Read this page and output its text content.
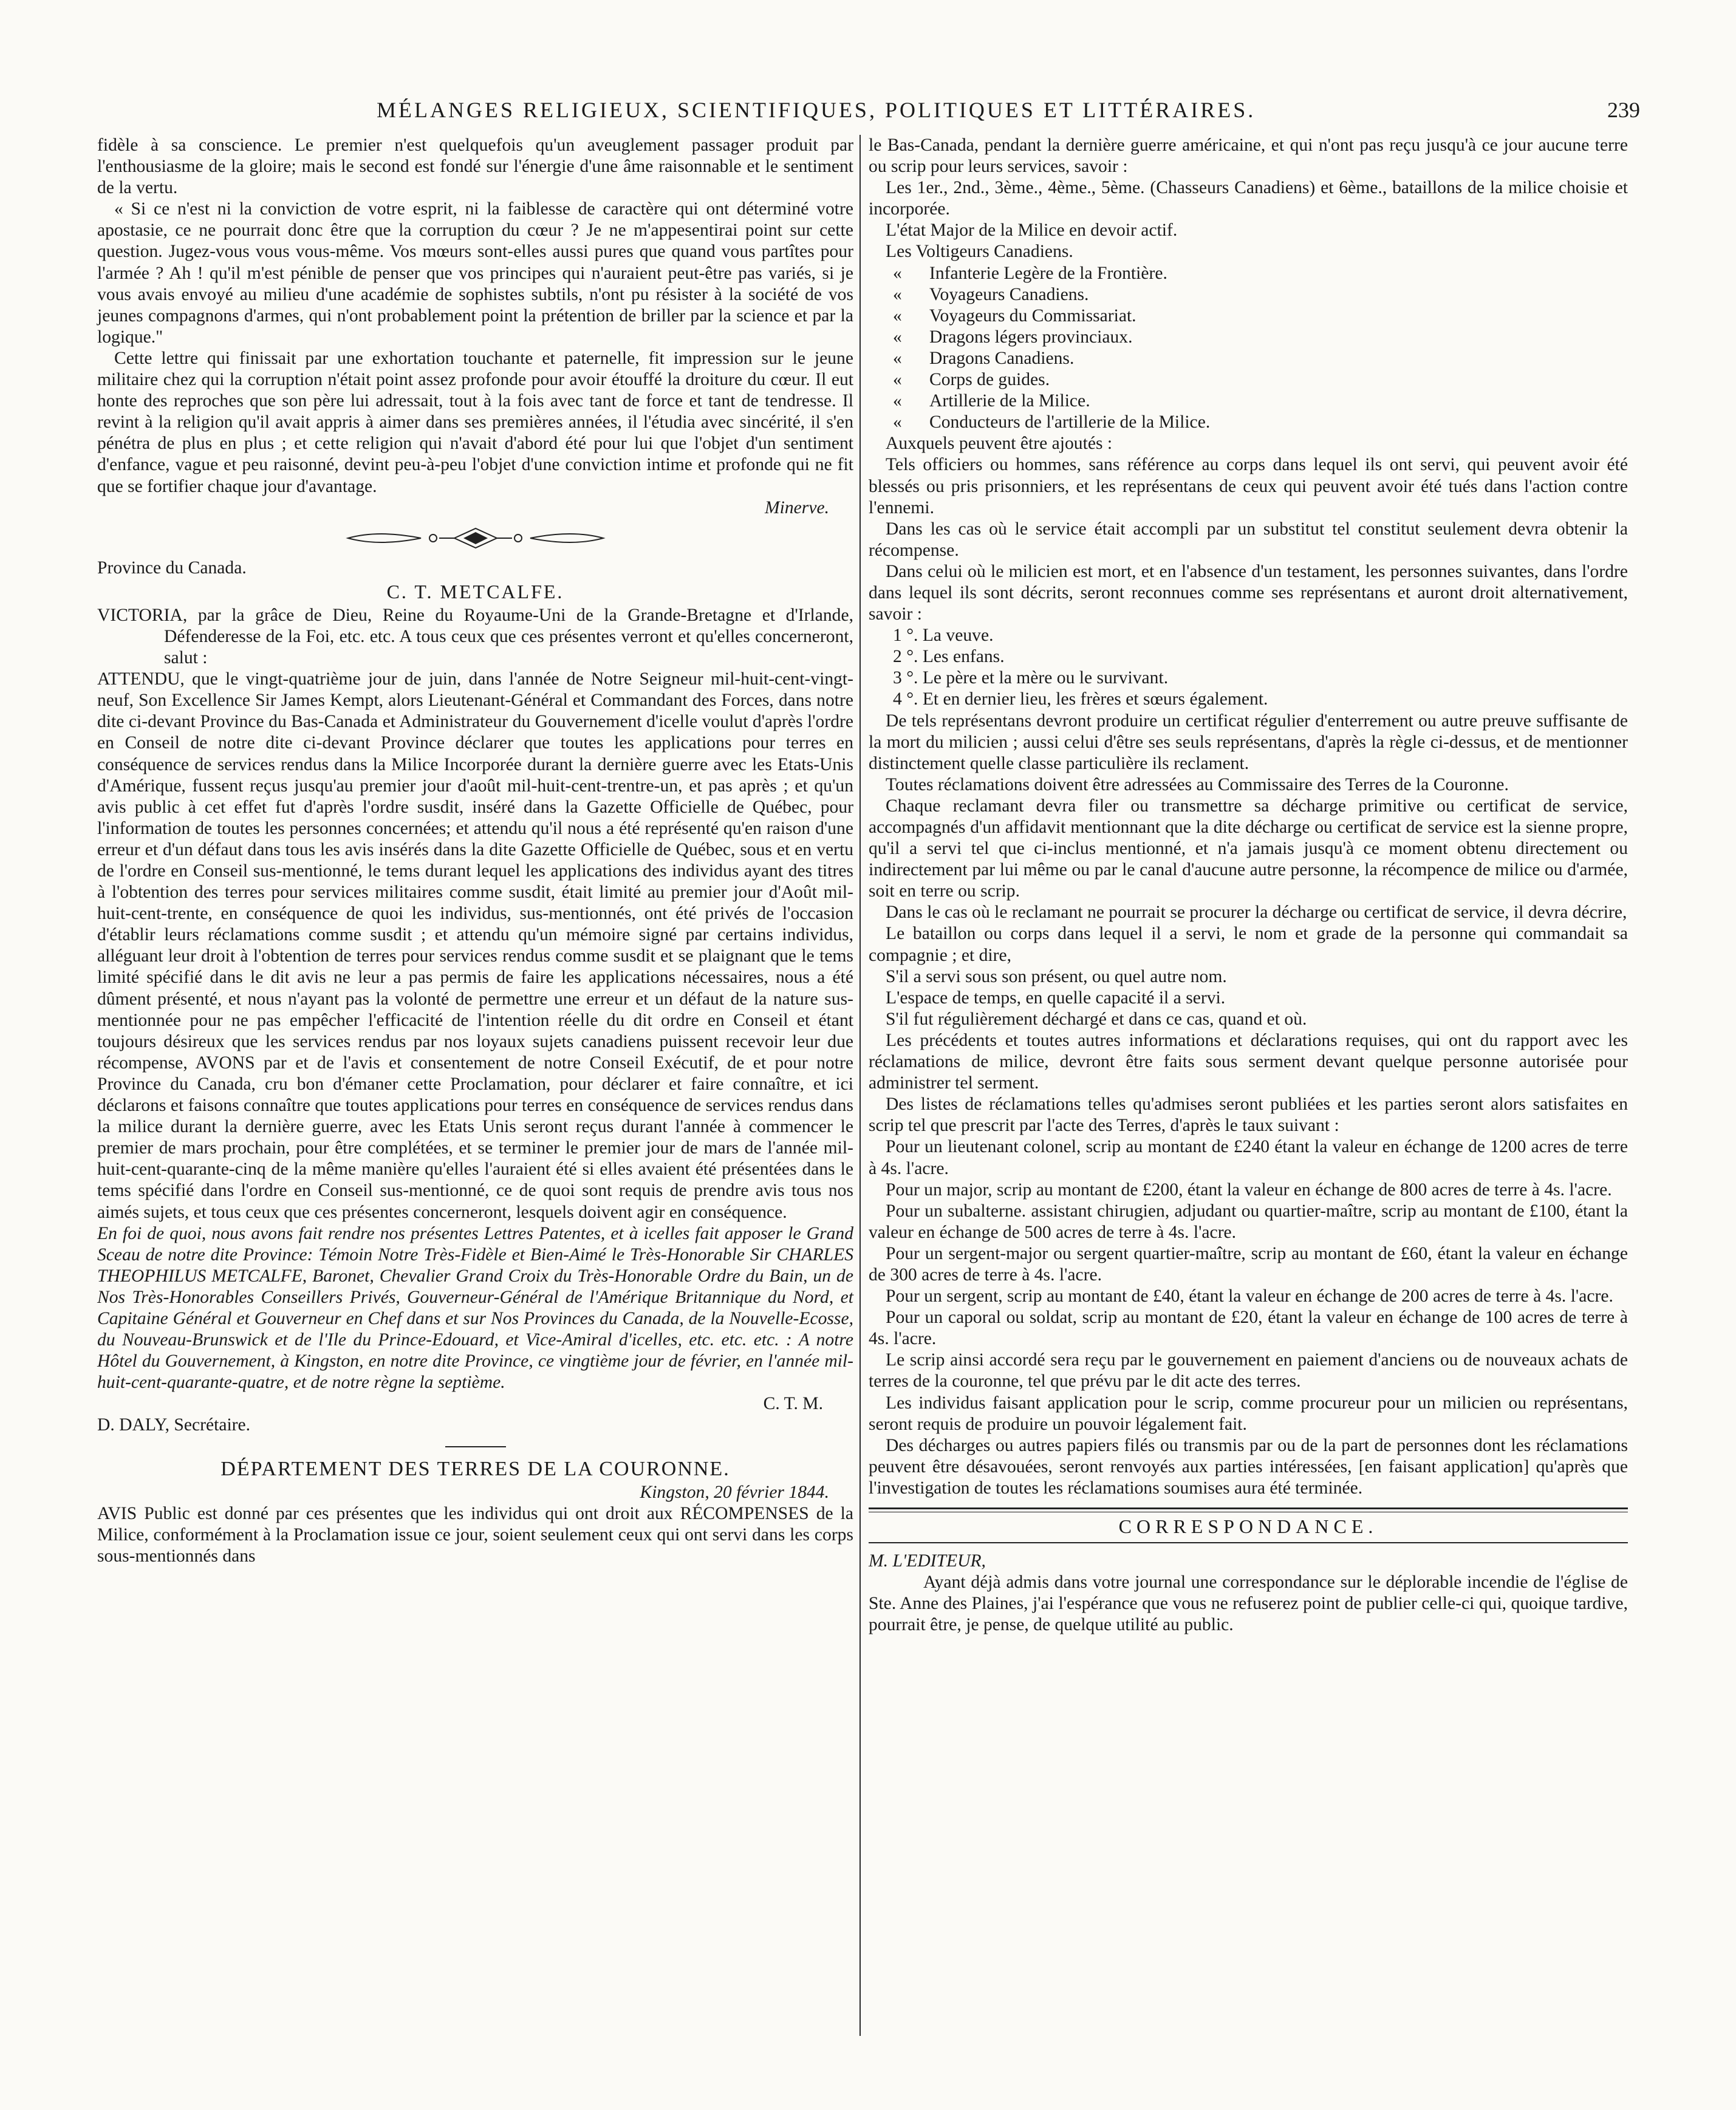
MÉLANGES RELIGIEUX, SCIENTIFIQUES, POLITIQUES ET LITTÉRAIRES.	239

fidèle à sa conscience. Le premier n'est quelquefois qu'un aveuglement passager produit par l'enthousiasme de la gloire; mais le second est fondé sur l'énergie d'une âme raisonnable et le sentiment de la vertu.

« Si ce n'est ni la conviction de votre esprit, ni la faiblesse de caractère qui ont déterminé votre apostasie, ce ne pourrait donc être que la corruption du cœur ? Je ne m'appesentirai point sur cette question. Jugez-vous vous vous-même. Vos mœurs sont-elles aussi pures que quand vous partîtes pour l'armée ? Ah ! qu'il m'est pénible de penser que vos principes qui n'auraient peut-être pas variés, si je vous avais envoyé au milieu d'une académie de sophistes subtils, n'ont pu résister à la société de vos jeunes compagnons d'armes, qui n'ont probablement point la prétention de briller par la science et par la logique."

Cette lettre qui finissait par une exhortation touchante et paternelle, fit impression sur le jeune militaire chez qui la corruption n'était point assez profonde pour avoir étouffé la droiture du cœur. Il eut honte des reproches que son père lui adressait, tout à la fois avec tant de force et tant de tendresse. Il revint à la religion qu'il avait appris à aimer dans ses premières années, il l'étudia avec sincérité, il s'en pénétra de plus en plus ; et cette religion qui n'avait d'abord été pour lui que l'objet d'un sentiment d'enfance, vague et peu raisonné, devint peu-à-peu l'objet d'une conviction intime et profonde qui ne fit que se fortifier chaque jour d'avantage.

Minerve.

Province du Canada.

C. T. METCALFE.

VICTORIA, par la grâce de Dieu, Reine du Royaume-Uni de la Grande-Bretagne et d'Irlande, Défenderesse de la Foi, etc. etc. A tous ceux que ces présentes verront et qu'elles concerneront, salut :

ATTENDU, que le vingt-quatrième jour de juin, dans l'année de Notre Seigneur mil-huit-cent-vingt-neuf, Son Excellence Sir James Kempt, alors Lieutenant-Général et Commandant des Forces, dans notre dite ci-devant Province du Bas-Canada et Administrateur du Gouvernement d'icelle voulut d'après l'ordre en Conseil de notre dite ci-devant Province déclarer que toutes les applications pour terres en conséquence de services rendus dans la Milice Incorporée durant la dernière guerre avec les Etats-Unis d'Amérique, fussent reçus jusqu'au premier jour d'août mil-huit-cent-trentre-un, et pas après ; et qu'un avis public à cet effet fut d'après l'ordre susdit, inséré dans la Gazette Officielle de Québec, pour l'information de toutes les personnes concernées; et attendu qu'il nous a été représenté qu'en raison d'une erreur et d'un défaut dans tous les avis insérés dans la dite Gazette Officielle de Québec, sous et en vertu de l'ordre en Conseil sus-mentionné, le tems durant lequel les applications des individus ayant des titres à l'obtention des terres pour services militaires comme susdit, était limité au premier jour d'Août mil-huit-cent-trente, en conséquence de quoi les individus, sus-mentionnés, ont été privés de l'occasion d'établir leurs réclamations comme susdit ; et attendu qu'un mémoire signé par certains individus, alléguant leur droit à l'obtention de terres pour services rendus comme susdit et se plaignant que le tems limité spécifié dans le dit avis ne leur a pas permis de faire les applications nécessaires, nous a été dûment présenté, et nous n'ayant pas la volonté de permettre une erreur et un défaut de la nature sus-mentionnée pour ne pas empêcher l'efficacité de l'intention réelle du dit ordre en Conseil et étant toujours désireux que les services rendus par nos loyaux sujets canadiens puissent recevoir leur due récompense, AVONS par et de l'avis et consentement de notre Conseil Exécutif, de et pour notre Province du Canada, cru bon d'émaner cette Proclamation, pour déclarer et faire connaître, et ici déclarons et faisons connaître que toutes applications pour terres en conséquence de services rendus dans la milice durant la dernière guerre, avec les Etats Unis seront reçus durant l'année à commencer le premier de mars prochain, pour être complétées, et se terminer le premier jour de mars de l'année mil-huit-cent-quarante-cinq de la même manière qu'elles l'auraient été si elles avaient été présentées dans le tems spécifié dans l'ordre en Conseil sus-mentionné, ce de quoi sont requis de prendre avis tous nos aimés sujets, et tous ceux que ces présentes concerneront, lesquels doivent agir en conséquence.

En foi de quoi, nous avons fait rendre nos présentes Lettres Patentes, et à icelles fait apposer le Grand Sceau de notre dite Province: Témoin Notre Très-Fidèle et Bien-Aimé le Très-Honorable Sir CHARLES THEOPHILUS METCALFE, Baronet, Chevalier Grand Croix du Très-Honorable Ordre du Bain, un de Nos Très-Honorables Conseillers Privés, Gouverneur-Général de l'Amérique Britannique du Nord, et Capitaine Général et Gouverneur en Chef dans et sur Nos Provinces du Canada, de la Nouvelle-Ecosse, du Nouveau-Brunswick et de l'Ile du Prince-Edouard, et Vice-Amiral d'icelles, etc. etc. etc. : A notre Hôtel du Gouvernement, à Kingston, en notre dite Province, ce vingtième jour de février, en l'année mil-huit-cent-quarante-quatre, et de notre règne la septième.

C. T. M.

D. DALY, Secrétaire.

DÉPARTEMENT DES TERRES DE LA COURONNE.

Kingston, 20 février 1844.

AVIS Public est donné par ces présentes que les individus qui ont droit aux RÉCOMPENSES de la Milice, conformément à la Proclamation issue ce jour, soient seulement ceux qui ont servi dans les corps sous-mentionnés dans

le Bas-Canada, pendant la dernière guerre américaine, et qui n'ont pas reçu jusqu'à ce jour aucune terre ou scrip pour leurs services, savoir :

Les 1er., 2nd., 3ème., 4ème., 5ème. (Chasseurs Canadiens) et 6ème., bataillons de la milice choisie et incorporée.

L'état Major de la Milice en devoir actif.

Les Voltigeurs Canadiens.

« Infanterie Legère de la Frontière.

« Voyageurs Canadiens.

« Voyageurs du Commissariat.

« Dragons légers provinciaux.

« Dragons Canadiens.

« Corps de guides.

« Artillerie de la Milice.

« Conducteurs de l'artillerie de la Milice.

Auxquels peuvent être ajoutés :

Tels officiers ou hommes, sans référence au corps dans lequel ils ont servi, qui peuvent avoir été blessés ou pris prisonniers, et les représentans de ceux qui peuvent avoir été tués dans l'action contre l'ennemi.

Dans les cas où le service était accompli par un substitut tel constitut seulement devra obtenir la récompense.

Dans celui où le milicien est mort, et en l'absence d'un testament, les personnes suivantes, dans l'ordre dans lequel ils sont décrits, seront reconnues comme ses représentans et auront droit alternativement, savoir :

1 °. La veuve.

2 °. Les enfans.

3 °. Le père et la mère ou le survivant.

4 °. Et en dernier lieu, les frères et sœurs également.

De tels représentans devront produire un certificat régulier d'enterrement ou autre preuve suffisante de la mort du milicien ; aussi celui d'être ses seuls représentans, d'après la règle ci-dessus, et de mentionner distinctement quelle classe particulière ils reclament.

Toutes réclamations doivent être adressées au Commissaire des Terres de la Couronne.

Chaque reclamant devra filer ou transmettre sa décharge primitive ou certificat de service, accompagnés d'un affidavit mentionnant que la dite décharge ou certificat de service est la sienne propre, qu'il a servi tel que ci-inclus mentionné, et n'a jamais jusqu'à ce moment obtenu directement ou indirectement par lui même ou par le canal d'aucune autre personne, la récompence de milice ou d'armée, soit en terre ou scrip.

Dans le cas où le reclamant ne pourrait se procurer la décharge ou certificat de service, il devra décrire,

Le bataillon ou corps dans lequel il a servi, le nom et grade de la personne qui commandait sa compagnie ; et dire,

S'il a servi sous son présent, ou quel autre nom.

L'espace de temps, en quelle capacité il a servi.

S'il fut régulièrement déchargé et dans ce cas, quand et où.

Les précédents et toutes autres informations et déclarations requises, qui ont du rapport avec les réclamations de milice, devront être faits sous serment devant quelque personne autorisée pour administrer tel serment.

Des listes de réclamations telles qu'admises seront publiées et les parties seront alors satisfaites en scrip tel que prescrit par l'acte des Terres, d'après le taux suivant :

Pour un lieutenant colonel, scrip au montant de £240 étant la valeur en échange de 1200 acres de terre à 4s. l'acre.

Pour un major, scrip au montant de £200, étant la valeur en échange de 800 acres de terre à 4s. l'acre.

Pour un subalterne. assistant chirugien, adjudant ou quartier-maître, scrip au montant de £100, étant la valeur en échange de 500 acres de terre à 4s. l'acre.

Pour un sergent-major ou sergent quartier-maître, scrip au montant de £60, étant la valeur en échange de 300 acres de terre à 4s. l'acre.

Pour un sergent, scrip au montant de £40, étant la valeur en échange de 200 acres de terre à 4s. l'acre.

Pour un caporal ou soldat, scrip au montant de £20, étant la valeur en échange de 100 acres de terre à 4s. l'acre.

Le scrip ainsi accordé sera reçu par le gouvernement en paiement d'anciens ou de nouveaux achats de terres de la couronne, tel que prévu par le dit acte des terres.

Les individus faisant application pour le scrip, comme procureur pour un milicien ou représentans, seront requis de produire un pouvoir légalement fait.

Des décharges ou autres papiers filés ou transmis par ou de la part de personnes dont les réclamations peuvent être désavouées, seront renvoyés aux parties intéressées, [en faisant application] qu'après que l'investigation de toutes les réclamations soumises aura été terminée.

CORRESPONDANCE.

M. L'EDITEUR,

Ayant déjà admis dans votre journal une correspondance sur le déplorable incendie de l'église de Ste. Anne des Plaines, j'ai l'espérance que vous ne refuserez point de publier celle-ci qui, quoique tardive, pourrait être, je pense, de quelque utilité au public.
